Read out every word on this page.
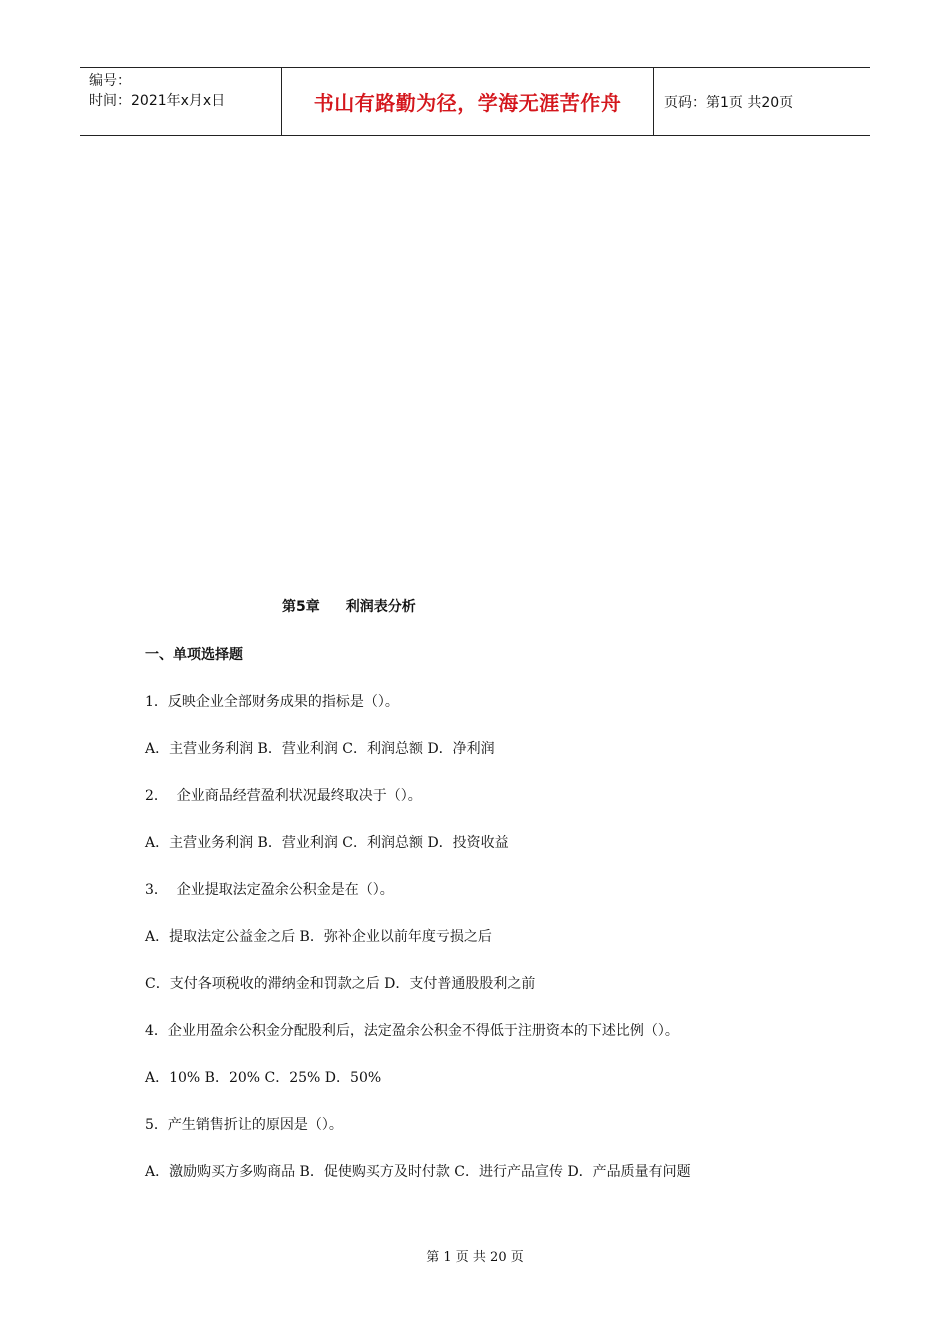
编号：
时间：2021年x月x日	书山有路勤为径，学海无涯苦作舟	页码：第1页 共20页
第5章 利润表分析
一、单项选择题
1．反映企业全部财务成果的指标是（）。
A．主营业务利润 B．营业利润 C．利润总额 D．净利润
2．  企业商品经营盈利状况最终取决于（）。
A．主营业务利润 B．营业利润 C．利润总额 D．投资收益
3．  企业提取法定盈余公积金是在（）。
A．提取法定公益金之后 B．弥补企业以前年度亏损之后
C．支付各项税收的滞纳金和罚款之后 D．支付普通股股利之前
4．企业用盈余公积金分配股利后，法定盈余公积金不得低于注册资本的下述比例（）。
A．10% B．20% C．25% D．50%
5．产生销售折让的原因是（）。
A．激励购买方多购商品 B．促使购买方及时付款 C．进行产品宣传 D．产品质量有问题
第 1 页 共 20 页
